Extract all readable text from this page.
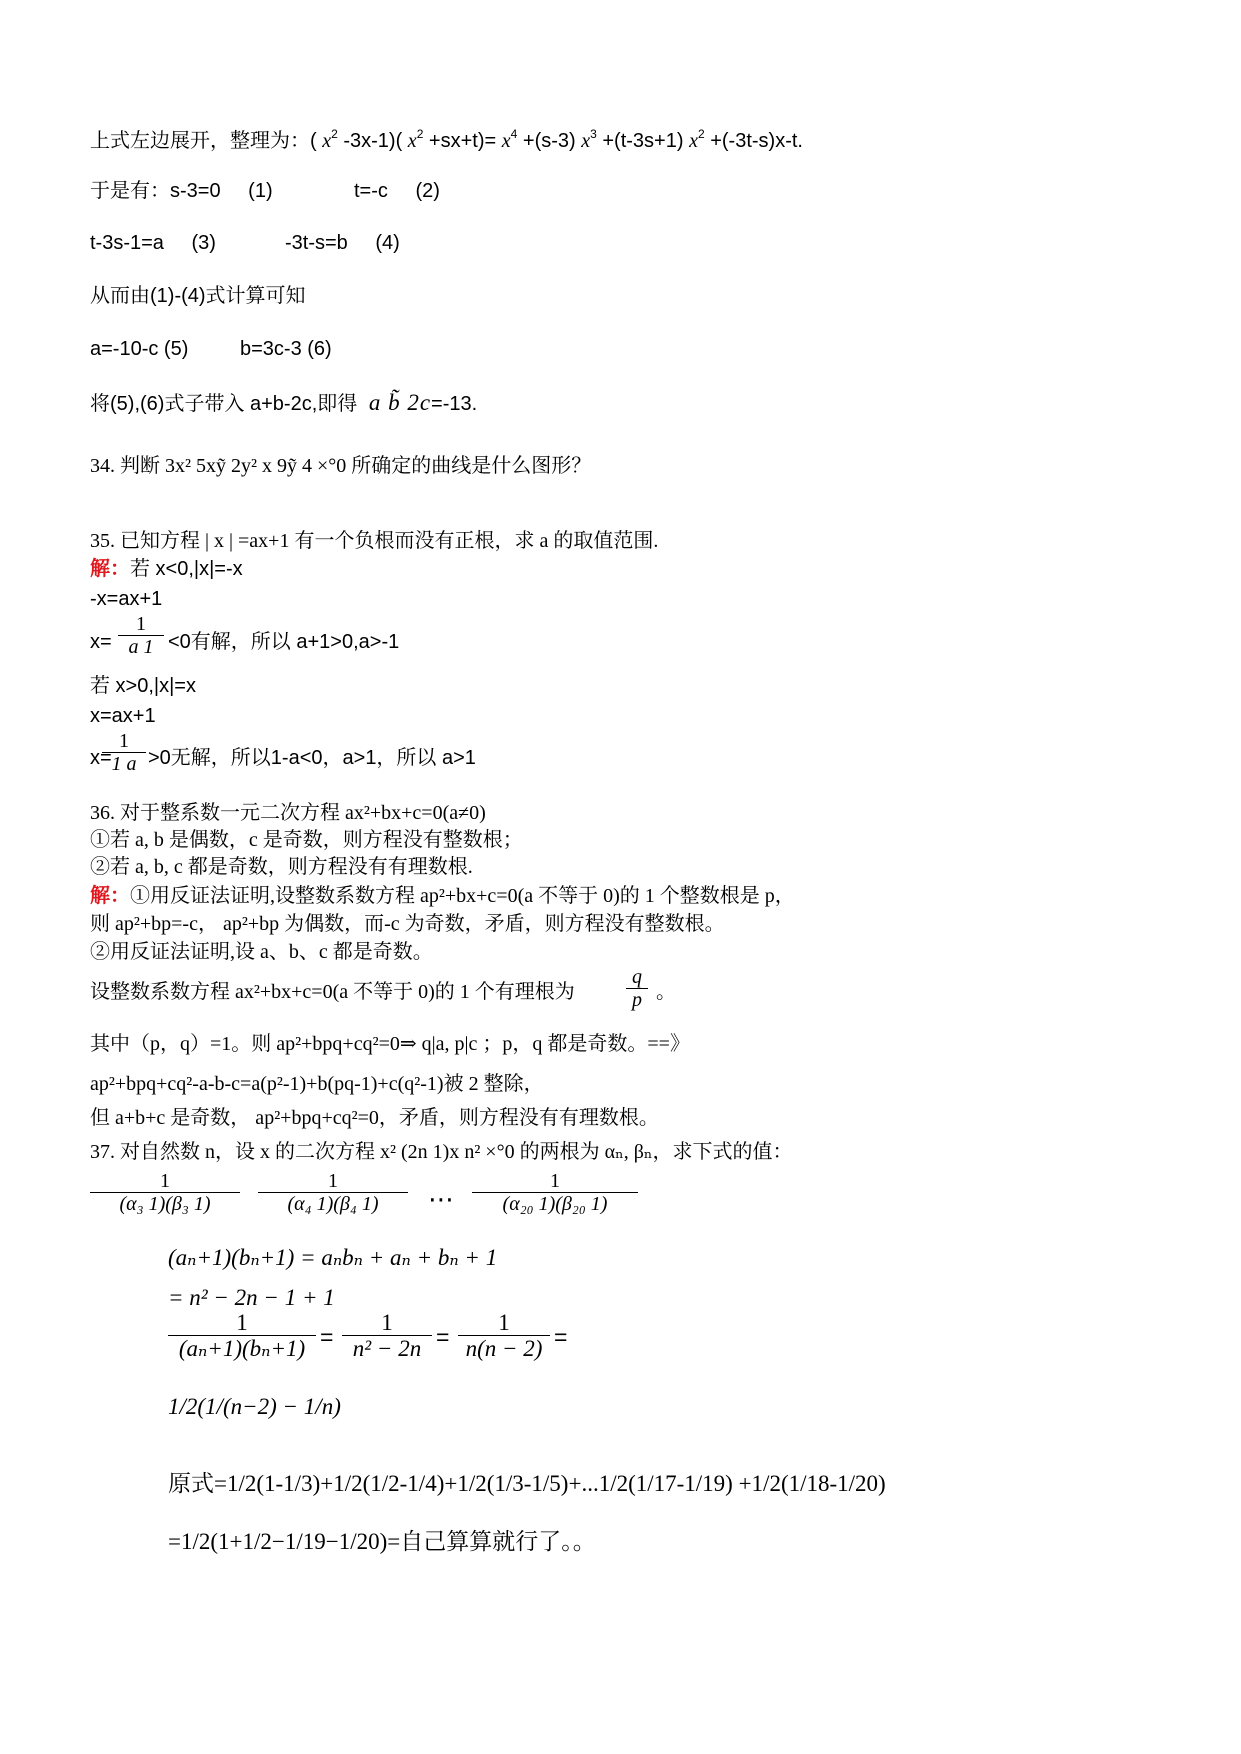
上式左边展开，整理为：( $x^2$ -3x-1)( $x^2 +sx+t)= x^4 +(s-3)$ $x^3 +(t-3s+1)$ $x^2 +(-3t-s)x-t$.
于是有：s-3=0 (1)	t=-c (2)
t-3s-1=a (3)	-3t-s=b (4)
从而由(1)-(4)式计算可知
a=-10-c (5)	b=3c-3 (6)
将(5),(6)式子带入 a+b-2c,即得 a b̃ 2c=-13.
34. 判断 3x² 5xỹ 2y² x 9ỹ 4 ×°0 所确定的曲线是什么图形？
35. 已知方程 | x | =ax+1 有一个负根而没有正根，求 a 的取值范围.
解：若 x<0,|x|=-x
-x=ax+1
x=
1
a 1 <0有解，所以 a+1>0,a>-1
若 x>0,|x|=x
x=ax+1
x=
1
1 a >0无解，所以1-a<0，a>1，所以 a>1
36. 对于整系数一元二次方程 ax²+bx+c=0(a≠0)
①若 a, b 是偶数，c 是奇数，则方程没有整数根；
②若 a, b, c 都是奇数，则方程没有有理数根.
解：①用反证法证明,设整数系数方程 ap²+bx+c=0(a 不等于 0)的 1 个整数根是 p，
则 ap²+bp=-c， ap²+bp 为偶数，而-c 为奇数，矛盾，则方程没有整数根。
②用反证法证明,设 a、b、c 都是奇数。
设整数系数方程 ax²+bx+c=0(a 不等于 0)的 1 个有理根为
q
p 。
其中（p，q）=1。则 ap²+bpq+cq²=0⇒ q|a, p|c ；p，q 都是奇数。==》
ap²+bpq+cq²-a-b-c=a(p²-1)+b(pq-1)+c(q²-1)被 2 整除，
但 a+b+c 是奇数， ap²+bpq+cq²=0，矛盾，则方程没有有理数根。
37. 对自然数 n，设 x 的二次方程 x² (2n 1)x n² ×°0 的两根为 αₙ, βₙ，求下式的值：
1
(α₃ 1)(β₃ 1)
1
(α₄ 1)(β₄ 1)	⋯
1
(α₂₀ 1)(β₂₀ 1)
(aₙ+1)(bₙ+1) = aₙbₙ + aₙ + bₙ + 1
= n² − 2n − 1 + 1
1
(aₙ+1)(bₙ+1) =
1
n² − 2n =
1
n(n − 2) =
1/2(1/(n−2) − 1/n)
原式=1/2(1-1/3)+1/2(1/2-1/4)+1/2(1/3-1/5)+...1/2(1/17-1/19) +1/2(1/18-1/20)
=1/2(1+1/2−1/19−1/20)=自己算算就行了。。
